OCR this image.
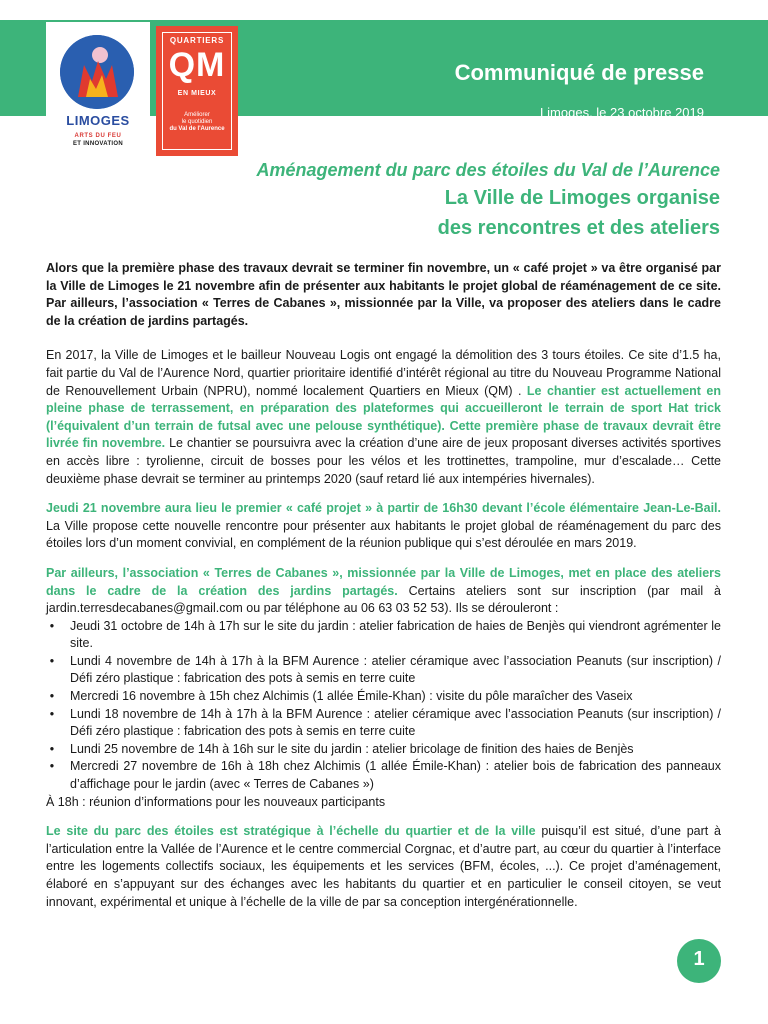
Communiqué de presse
Limoges, le 23 octobre 2019
LIMOGES
ARTS DU FEU
ET INNOVATION
QUARTIERS
QM
EN MIEUX
Améliorer
le quotidien
du Val de l'Aurence
Aménagement du parc des étoiles du Val de l’Aurence
La Ville de Limoges organise
des rencontres et des ateliers

Alors que la première phase des travaux devrait se terminer fin novembre, un « café projet » va être organisé par la Ville de Limoges le 21 novembre afin de présenter aux habitants le projet global de réaménagement de ce site. Par ailleurs, l’association « Terres de Cabanes », missionnée par la Ville, va proposer des ateliers dans le cadre de la création de jardins partagés.

En 2017, la Ville de Limoges et le bailleur Nouveau Logis ont engagé la démolition des 3 tours étoiles. Ce site d’1.5 ha, fait partie du Val de l’Aurence Nord, quartier prioritaire identifié d’intérêt régional au titre du Nouveau Programme National de Renouvellement Urbain (NPRU), nommé localement Quartiers en Mieux (QM) . Le chantier est actuellement en pleine phase de terrassement, en préparation des plateformes qui accueilleront le terrain de sport Hat trick (l’équivalent d’un terrain de futsal avec une pelouse synthétique). Cette première phase de travaux devrait être livrée fin novembre. Le chantier se poursuivra avec la création d’une aire de jeux proposant diverses activités sportives en accès libre : tyrolienne, circuit de bosses pour les vélos et les trottinettes, trampoline, mur d’escalade… Cette deuxième phase devrait se terminer au printemps 2020 (sauf retard lié aux intempéries hivernales).

Jeudi 21 novembre aura lieu le premier « café projet » à partir de 16h30 devant l’école élémentaire Jean-Le-Bail. La Ville propose cette nouvelle rencontre pour présenter aux habitants le projet global de réaménagement du parc des étoiles lors d’un moment convivial, en complément de la réunion publique qui s’est déroulée en mars 2019.

Par ailleurs, l’association « Terres de Cabanes », missionnée par la Ville de Limoges, met en place des ateliers dans le cadre de la création des jardins partagés. Certains ateliers sont sur inscription (par mail à jardin.terresdecabanes@gmail.com ou par téléphone au 06 63 03 52 53). Ils se dérouleront :

•	Jeudi 31 octobre de 14h à 17h sur le site du jardin : atelier fabrication de haies de Benjès qui viendront agrémenter le site.
•	Lundi 4 novembre de 14h à 17h à la BFM Aurence : atelier céramique avec l’association Peanuts (sur inscription) / Défi zéro plastique : fabrication des pots à semis en terre cuite
•	Mercredi 16 novembre à 15h chez Alchimis (1 allée Émile-Khan) : visite du pôle maraîcher des Vaseix
•	Lundi 18 novembre de 14h à 17h à la BFM Aurence : atelier céramique avec l’association Peanuts (sur inscription) / Défi zéro plastique : fabrication des pots à semis en terre cuite
•	Lundi 25 novembre de 14h à 16h sur le site du jardin : atelier bricolage de finition des haies de Benjès
•	Mercredi 27 novembre de 16h à 18h chez Alchimis (1 allée Émile-Khan) : atelier bois de fabrication des panneaux d’affichage pour le jardin (avec « Terres de Cabanes »)

À 18h : réunion d’informations pour les nouveaux participants

Le site du parc des étoiles est stratégique à l’échelle du quartier et de la ville puisqu’il est situé, d’une part à l’articulation entre la Vallée de l’Aurence et le centre commercial Corgnac, et d’autre part, au cœur du quartier à l’interface entre les logements collectifs sociaux, les équipements et les services (BFM, écoles, ...). Ce projet d’aménagement, élaboré en s’appuyant sur des échanges avec les habitants du quartier et en particulier le conseil citoyen, se veut innovant, expérimental et unique à l’échelle de la ville de par sa conception intergénérationnelle.

1
